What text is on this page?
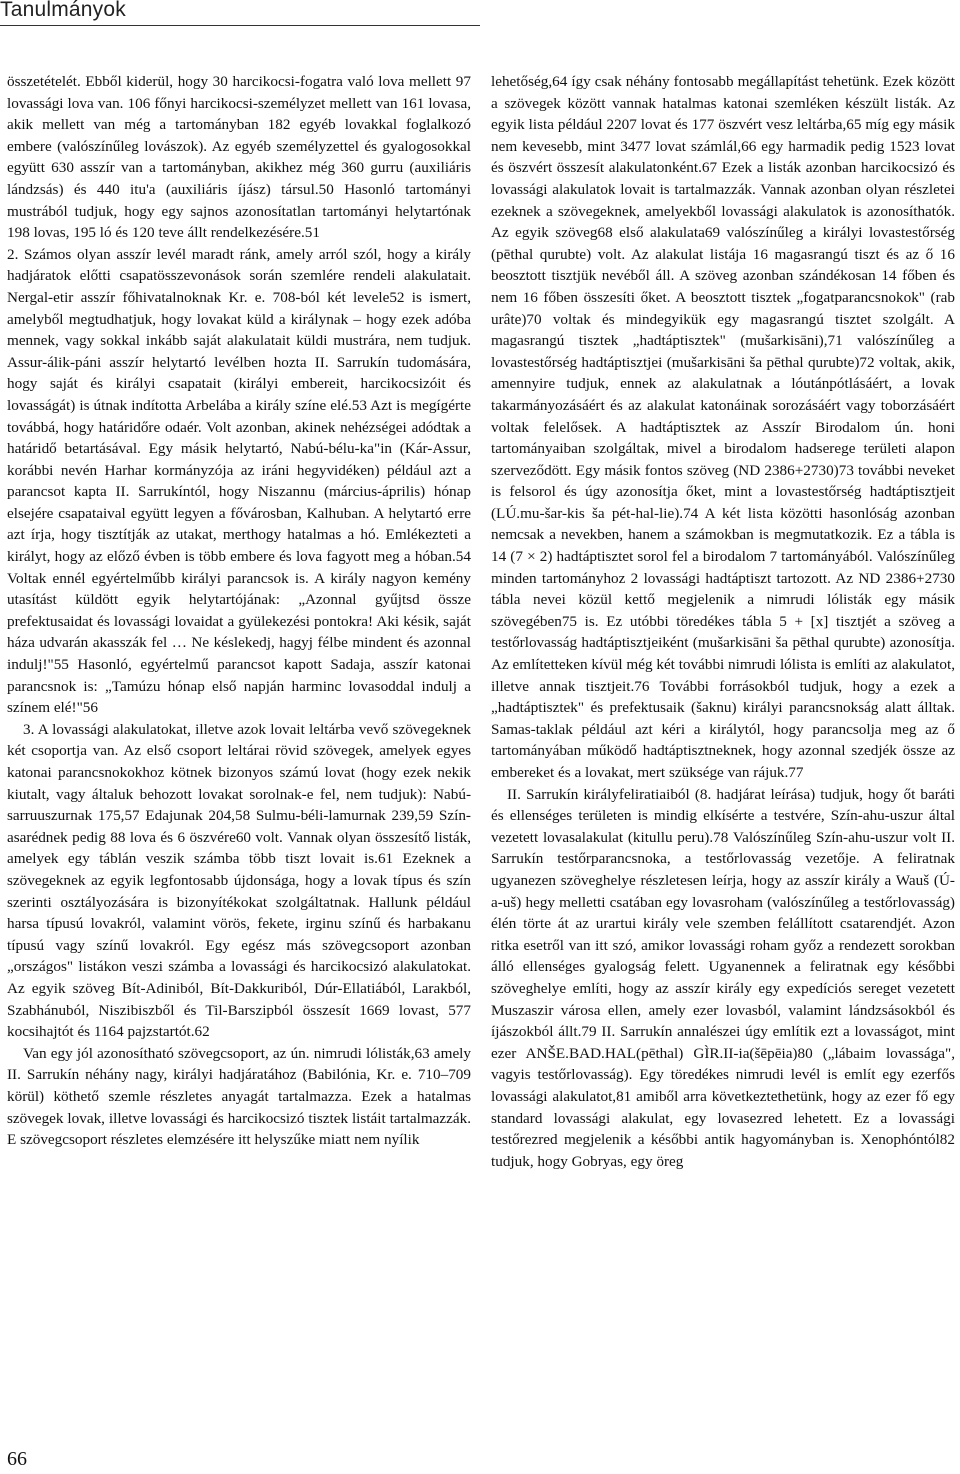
Tanulmányok

összetételét. Ebből kiderül, hogy 30 harcikocsi-fogatra való lova mellett 97 lovassági lova van. 106 főnyi harcikocsi-személyzet mellett van 161 lovasa, akik mellett van még a tartományban 182 egyéb lovakkal foglalkozó embere (valószínűleg lovászok). Az egyéb személyzettel és gyalogosokkal együtt 630 asszír van a tartományban, akikhez még 360 gurru (auxiliáris lándzsás) és 440 itu'a (auxiliáris íjász) társul.50 Hasonló tartományi mustrából tudjuk, hogy egy sajnos azonosítatlan tartományi helytartónak 198 lovas, 195 ló és 120 teve állt rendelkezésére.51

2. Számos olyan asszír levél maradt ránk, amely arról szól, hogy a király hadjáratok előtti csapatösszevonások során szemlére rendeli alakulatait. Nergal-etir asszír főhivatalnoknak Kr. e. 708-ból két levele52 is ismert, amelyből megtudhatjuk, hogy lovakat küld a királynak – hogy ezek adóba mennek, vagy sokkal inkább saját alakulatait küldi mustrára, nem tudjuk. Assur-álik-páni asszír helytartó levélben hozta II. Sarrukín tudomására, hogy saját és királyi csapatait (királyi embereit, harcikocsizóit és lovasságát) is útnak indította Arbelába a király színe elé.53 Azt is megígérte továbbá, hogy határidőre odaér. Volt azonban, akinek nehézségei adódtak a határidő betartásával. Egy másik helytartó, Nabú-bélu-ka"in (Kár-Assur, korábbi nevén Harhar kormányzója az iráni hegyvidéken) például azt a parancsot kapta II. Sarrukíntól, hogy Niszannu (március-április) hónap elsejére csapataival együtt legyen a fővárosban, Kalhuban. A helytartó erre azt írja, hogy tisztítják az utakat, merthogy hatalmas a hó. Emlékezteti a királyt, hogy az előző évben is több embere és lova fagyott meg a hóban.54 Voltak ennél egyértelműbb királyi parancsok is. A király nagyon kemény utasítást küldött egyik helytartójának: „Azonnal gyűjtsd össze prefektusaidat és lovassági lovaidat a gyülekezési pontokra! Aki késik, saját háza udvarán akasszák fel … Ne késlekedj, hagyj félbe mindent és azonnal indulj!"55 Hasonló, egyértelmű parancsot kapott Sadaja, asszír katonai parancsnok is: „Tamúzu hónap első napján harminc lovasoddal indulj a színem elé!"56

3. A lovassági alakulatokat, illetve azok lovait leltárba vevő szövegeknek két csoportja van. Az első csoport leltárai rövid szövegek, amelyek egyes katonai parancsnokokhoz kötnek bizonyos számú lovat (hogy ezek nekik kiutalt, vagy általuk behozott lovakat sorolnak-e fel, nem tudjuk): Nabú-sarruuszurnak 175,57 Edajunak 204,58 Sulmu-béli-lamurnak 239,59 Szín-asarédnek pedig 88 lova és 6 öszvére60 volt. Vannak olyan összesítő listák, amelyek egy táblán veszik számba több tiszt lovait is.61 Ezeknek a szövegeknek az egyik legfontosabb újdonsága, hogy a lovak típus és szín szerinti osztályozására is bizonyítékokat szolgáltatnak. Hallunk például harsa típusú lovakról, valamint vörös, fekete, irginu színű és harbakanu típusú vagy színű lovakról. Egy egész más szövegcsoport azonban „országos" listákon veszi számba a lovassági és harcikocsizó alakulatokat. Az egyik szöveg Bít-Adiniból, Bít-Dakkuriból, Dúr-Ellatiából, Larakból, Szabhánuból, Niszibiszből és Til-Barszipból összesít 1669 lovast, 577 kocsihajtót és 1164 pajzstartót.62

Van egy jól azonosítható szövegcsoport, az ún. nimrudi lólisták,63 amely II. Sarrukín néhány nagy, királyi hadjáratához (Babilónia, Kr. e. 710–709 körül) köthető szemle részletes anyagát tartalmazza. Ezek a hatalmas szövegek lovak, illetve lovassági és harcikocsizó tisztek listáit tartalmazzák. E szövegcsoport részletes elemzésére itt helyszűke miatt nem nyílik

lehetőség,64 így csak néhány fontosabb megállapítást tehetünk. Ezek között a szövegek között vannak hatalmas katonai szemléken készült listák. Az egyik lista például 2207 lovat és 177 öszvért vesz leltárba,65 míg egy másik nem kevesebb, mint 3477 lovat számlál,66 egy harmadik pedig 1523 lovat és öszvért összesít alakulatonként.67 Ezek a listák azonban harcikocsizó és lovassági alakulatok lovait is tartalmazzák. Vannak azonban olyan részletei ezeknek a szövegeknek, amelyekből lovassági alakulatok is azonosíthatók. Az egyik szöveg68 első alakulata69 valószínűleg a királyi lovastestőrség (pēthal qurubte) volt. Az alakulat listája 16 magasrangú tiszt és az ő 16 beosztott tisztjük nevéből áll. A szöveg azonban szándékosan 14 főben és nem 16 főben összesíti őket. A beosztott tisztek „fogatparancsnokok" (rab urâte)70 voltak és mindegyikük egy magasrangú tisztet szolgált. A magasrangú tisztek „hadtáptisztek" (mušarkisāni),71 valószínűleg a lovastestőrség hadtáptisztjei (mušarkisāni ša pēthal qurubte)72 voltak, akik, amennyire tudjuk, ennek az alakulatnak a lóutánpótlásáért, a lovak takarmányozásáért és az alakulat katonáinak sorozásáért vagy toborzásáért voltak felelősek. A hadtáptisztek az Asszír Birodalom ún. honi tartományaiban szolgáltak, mivel a birodalom hadserege területi alapon szerveződött. Egy másik fontos szöveg (ND 2386+2730)73 további neveket is felsorol és úgy azonosítja őket, mint a lovastestőrség hadtáptisztjeit (LÚ.mu-šar-kis ša pét-hal-lie).74 A két lista közötti hasonlóság azonban nemcsak a nevekben, hanem a számokban is megmutatkozik. Ez a tábla is 14 (7 × 2) hadtáptisztet sorol fel a birodalom 7 tartományából. Valószínűleg minden tartományhoz 2 lovassági hadtáptiszt tartozott. Az ND 2386+2730 tábla nevei közül kettő megjelenik a nimrudi lólisták egy másik szövegében75 is. Ez utóbbi töredékes tábla 5 + [x] tisztjét a szöveg a testőrlovasság hadtáptisztjeiként (mušarkisāni ša pēthal qurubte) azonosítja. Az említetteken kívül még két további nimrudi lólista is említi az alakulatot, illetve annak tisztjeit.76 További forrásokból tudjuk, hogy a ezek a „hadtáptisztek" és prefektusaik (šaknu) királyi parancsnokság alatt álltak. Samas-taklak például azt kéri a királytól, hogy parancsolja meg az ő tartományában működő hadtáptisztneknek, hogy azonnal szedjék össze az embereket és a lovakat, mert szüksége van rájuk.77

II. Sarrukín királyfeliratiaiból (8. hadjárat leírása) tudjuk, hogy őt baráti és ellenséges területen is mindig elkísérte a testvére, Szín-ahu-uszur által vezetett lovasalakulat (kitullu peru).78 Valószínűleg Szín-ahu-uszur volt II. Sarrukín testőrparancsnoka, a testőrlovasság vezetője. A feliratnak ugyanezen szöveghelye részletesen leírja, hogy az asszír király a Wauš (Ú-a-uš) hegy melletti csatában egy lovasroham (valószínűleg a testőrlovasság) élén törte át az urartui király vele szemben felállított csatarendjét. Azon ritka esetről van itt szó, amikor lovassági roham győz a rendezett sorokban álló ellenséges gyalogság felett. Ugyanennek a feliratnak egy későbbi szöveghelye említi, hogy az asszír király egy expedíciós sereget vezetett Muszaszir városa ellen, amely ezer lovasból, valamint lándzsásokból és íjászokból állt.79 II. Sarrukín annalészei úgy említik ezt a lovasságot, mint ezer ANŠE.BAD.HAL(pēthal) GÌR.II-ia(šēpēia)80 („lábaim lovassága", vagyis testőrlovasság). Egy töredékes nimrudi levél is említ egy ezerfős lovassági alakulatot,81 amiből arra következtethetünk, hogy az ezer fő egy standard lovassági alakulat, egy lovasezred lehetett. Ez a lovassági testőrezred megjelenik a későbbi antik hagyományban is. Xenophóntól82 tudjuk, hogy Gobryas, egy öreg

66
